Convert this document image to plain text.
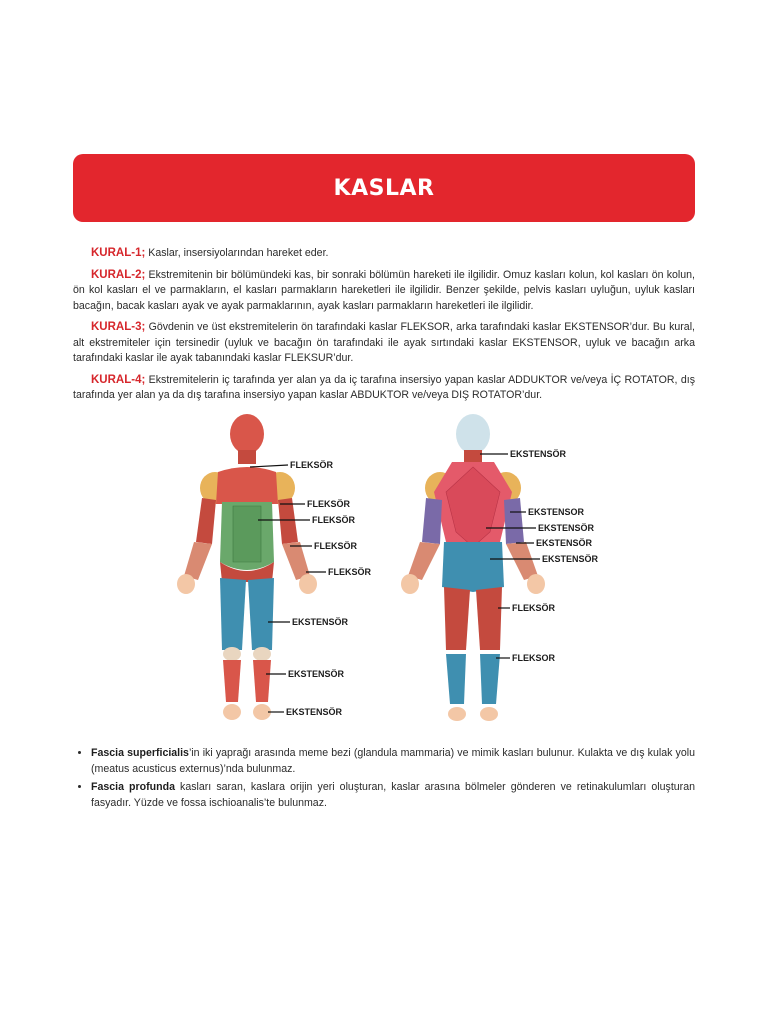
KASLAR

KURAL-1; Kaslar, insersiyolarından hareket eder.

KURAL-2; Ekstremitenin bir bölümündeki kas, bir sonraki bölümün hareketi ile ilgilidir. Omuz kasları kolun, kol kasları ön kolun, ön kol kasları el ve parmakların, el kasları parmakların hareketleri ile ilgilidir. Benzer şekilde, pelvis kasları uyluğun, uyluk kasları bacağın, bacak kasları ayak ve ayak parmaklarının, ayak kasları parmakların hareketleri ile ilgilidir.

KURAL-3; Gövdenin ve üst ekstremitelerin ön tarafındaki kaslar FLEKSOR, arka tarafındaki kaslar EKSTENSOR’dur. Bu kural, alt ekstremiteler için tersinedir (uyluk ve bacağın ön tarafındaki ile ayak sırtındaki kaslar EKSTENSOR, uyluk ve bacağın arka tarafındaki kaslar ile ayak tabanındaki kaslar FLEKSUR’dur.

KURAL-4; Ekstremitelerin iç tarafında yer alan ya da iç tarafına insersiyo yapan kaslar ADDUKTOR ve/veya İÇ ROTATOR, dış tarafında yer alan ya da dış tarafına insersiyo yapan kaslar ABDUKTOR ve/veya DIŞ ROTATOR’dur.

FLEKSÖR
FLEKSÖR
FLEKSÖR
FLEKSÖR
FLEKSÖR
EKSTENSÖR
EKSTENSÖR
EKSTENSÖR
EKSTENSÖR
EKSTENSOR
EKSTENSÖR
EKSTENSÖR
EKSTENSÖR
FLEKSÖR
FLEKSOR
• Fascia superficialis’in iki yaprağı arasında meme bezi (glandula mammaria) ve mimik kasları bulunur. Kulakta ve dış kulak yolu (meatus acusticus externus)’nda bulunmaz.
• Fascia profunda kasları saran, kaslara orijin yeri oluşturan, kaslar arasına bölmeler gönderen ve retinakulumları oluşturan fasyadır. Yüzde ve fossa ischioanalis’te bulunmaz.
